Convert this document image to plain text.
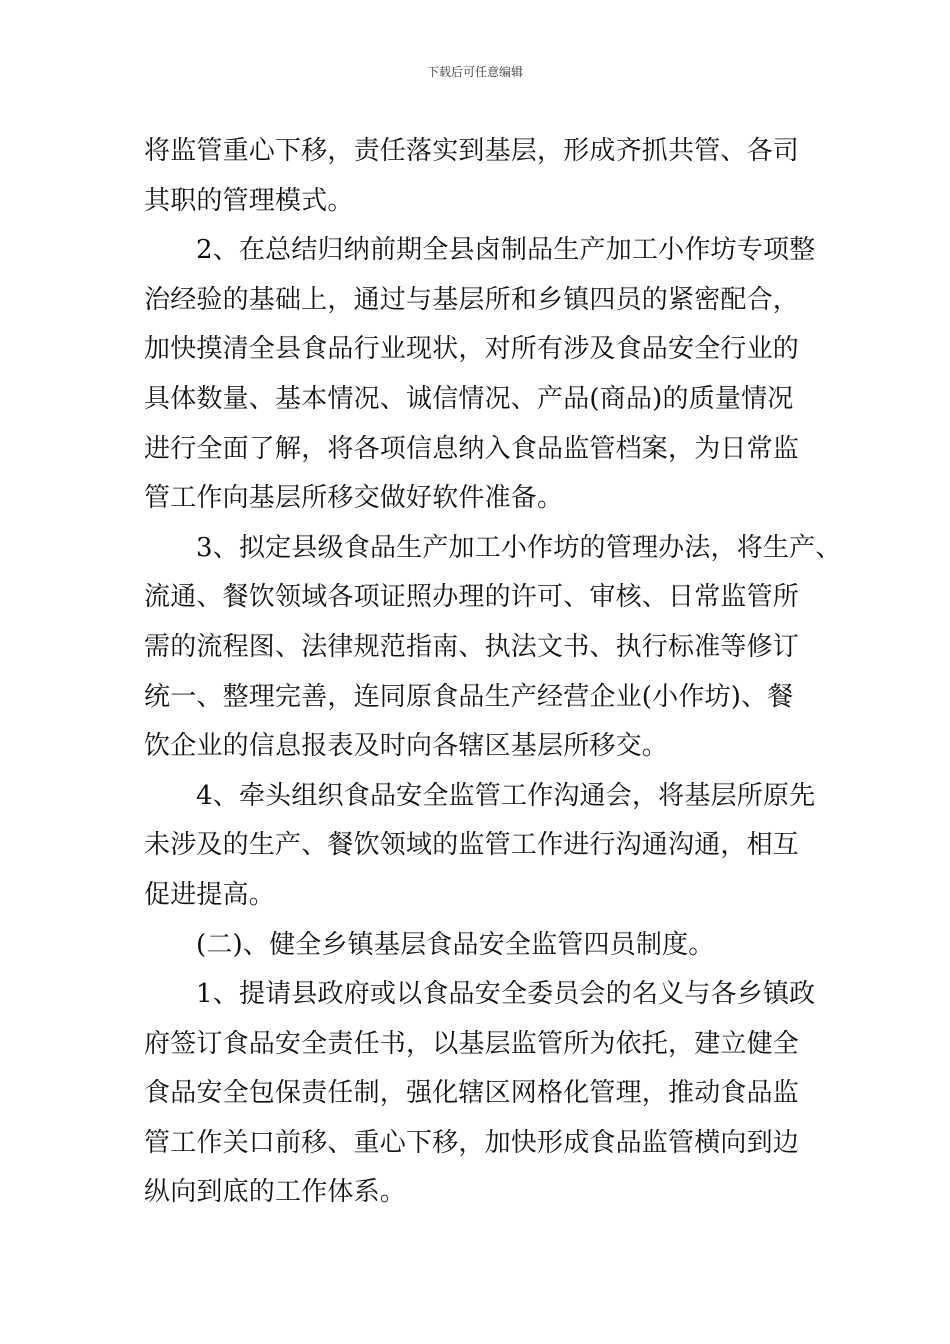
下载后可任意编辑
将监管重心下移，责任落实到基层，形成齐抓共管、各司
其职的管理模式。
2、在总结归纳前期全县卤制品生产加工小作坊专项整
治经验的基础上，通过与基层所和乡镇四员的紧密配合，
加快摸清全县食品行业现状，对所有涉及食品安全行业的
具体数量、基本情况、诚信情况、产品(商品)的质量情况
进行全面了解，将各项信息纳入食品监管档案，为日常监
管工作向基层所移交做好软件准备。
3、拟定县级食品生产加工小作坊的管理办法，将生产、
流通、餐饮领域各项证照办理的许可、审核、日常监管所
需的流程图、法律规范指南、执法文书、执行标准等修订
统一、整理完善，连同原食品生产经营企业(小作坊)、餐
饮企业的信息报表及时向各辖区基层所移交。
4、牵头组织食品安全监管工作沟通会，将基层所原先
未涉及的生产、餐饮领域的监管工作进行沟通沟通，相互
促进提高。
(二)、健全乡镇基层食品安全监管四员制度。
1、提请县政府或以食品安全委员会的名义与各乡镇政
府签订食品安全责任书，以基层监管所为依托，建立健全
食品安全包保责任制，强化辖区网格化管理，推动食品监
管工作关口前移、重心下移，加快形成食品监管横向到边
纵向到底的工作体系。
